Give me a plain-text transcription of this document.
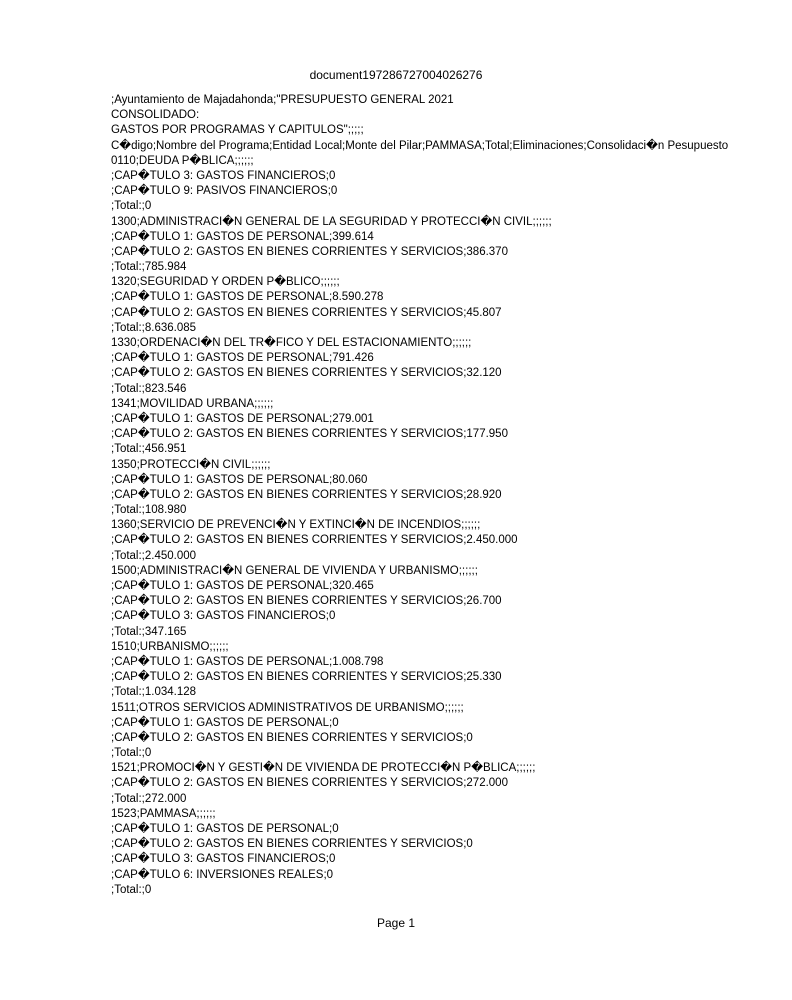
document197286727004026276
;Ayuntamiento de Majadahonda;"PRESUPUESTO GENERAL 2021
CONSOLIDADO:
GASTOS POR PROGRAMAS Y CAPITULOS";;;;;
C�digo;Nombre del Programa;Entidad Local;Monte del Pilar;PAMMASA;Total;Eliminaciones;Consolidaci�n Pesupuesto
0110;DEUDA P�BLICA;;;;;;
;CAP�TULO 3: GASTOS FINANCIEROS;0
;CAP�TULO 9: PASIVOS FINANCIEROS;0
;Total:;0
1300;ADMINISTRACI�N GENERAL DE LA SEGURIDAD Y PROTECCI�N CIVIL;;;;;;
;CAP�TULO 1: GASTOS DE PERSONAL;399.614
;CAP�TULO 2: GASTOS EN BIENES CORRIENTES Y SERVICIOS;386.370
;Total:;785.984
1320;SEGURIDAD Y ORDEN P�BLICO;;;;;;
;CAP�TULO 1: GASTOS DE PERSONAL;8.590.278
;CAP�TULO 2: GASTOS EN BIENES CORRIENTES Y SERVICIOS;45.807
;Total:;8.636.085
1330;ORDENACI�N DEL TR�FICO Y DEL ESTACIONAMIENTO;;;;;;
;CAP�TULO 1: GASTOS DE PERSONAL;791.426
;CAP�TULO 2: GASTOS EN BIENES CORRIENTES Y SERVICIOS;32.120
;Total:;823.546
1341;MOVILIDAD URBANA;;;;;;
;CAP�TULO 1: GASTOS DE PERSONAL;279.001
;CAP�TULO 2: GASTOS EN BIENES CORRIENTES Y SERVICIOS;177.950
;Total:;456.951
1350;PROTECCI�N CIVIL;;;;;;
;CAP�TULO 1: GASTOS DE PERSONAL;80.060
;CAP�TULO 2: GASTOS EN BIENES CORRIENTES Y SERVICIOS;28.920
;Total:;108.980
1360;SERVICIO DE PREVENCI�N Y EXTINCI�N DE INCENDIOS;;;;;;
;CAP�TULO 2: GASTOS EN BIENES CORRIENTES Y SERVICIOS;2.450.000
;Total:;2.450.000
1500;ADMINISTRACI�N GENERAL DE VIVIENDA Y URBANISMO;;;;;;
;CAP�TULO 1: GASTOS DE PERSONAL;320.465
;CAP�TULO 2: GASTOS EN BIENES CORRIENTES Y SERVICIOS;26.700
;CAP�TULO 3: GASTOS FINANCIEROS;0
;Total:;347.165
1510;URBANISMO;;;;;;
;CAP�TULO 1: GASTOS DE PERSONAL;1.008.798
;CAP�TULO 2: GASTOS EN BIENES CORRIENTES Y SERVICIOS;25.330
;Total:;1.034.128
1511;OTROS SERVICIOS ADMINISTRATIVOS DE URBANISMO;;;;;;
;CAP�TULO 1: GASTOS DE PERSONAL;0
;CAP�TULO 2: GASTOS EN BIENES CORRIENTES Y SERVICIOS;0
;Total:;0
1521;PROMOCI�N Y GESTI�N DE VIVIENDA DE PROTECCI�N P�BLICA;;;;;;
;CAP�TULO 2: GASTOS EN BIENES CORRIENTES Y SERVICIOS;272.000
;Total:;272.000
1523;PAMMASA;;;;;;
;CAP�TULO 1: GASTOS DE PERSONAL;0
;CAP�TULO 2: GASTOS EN BIENES CORRIENTES Y SERVICIOS;0
;CAP�TULO 3: GASTOS FINANCIEROS;0
;CAP�TULO 6: INVERSIONES REALES;0
;Total:;0
Page 1
